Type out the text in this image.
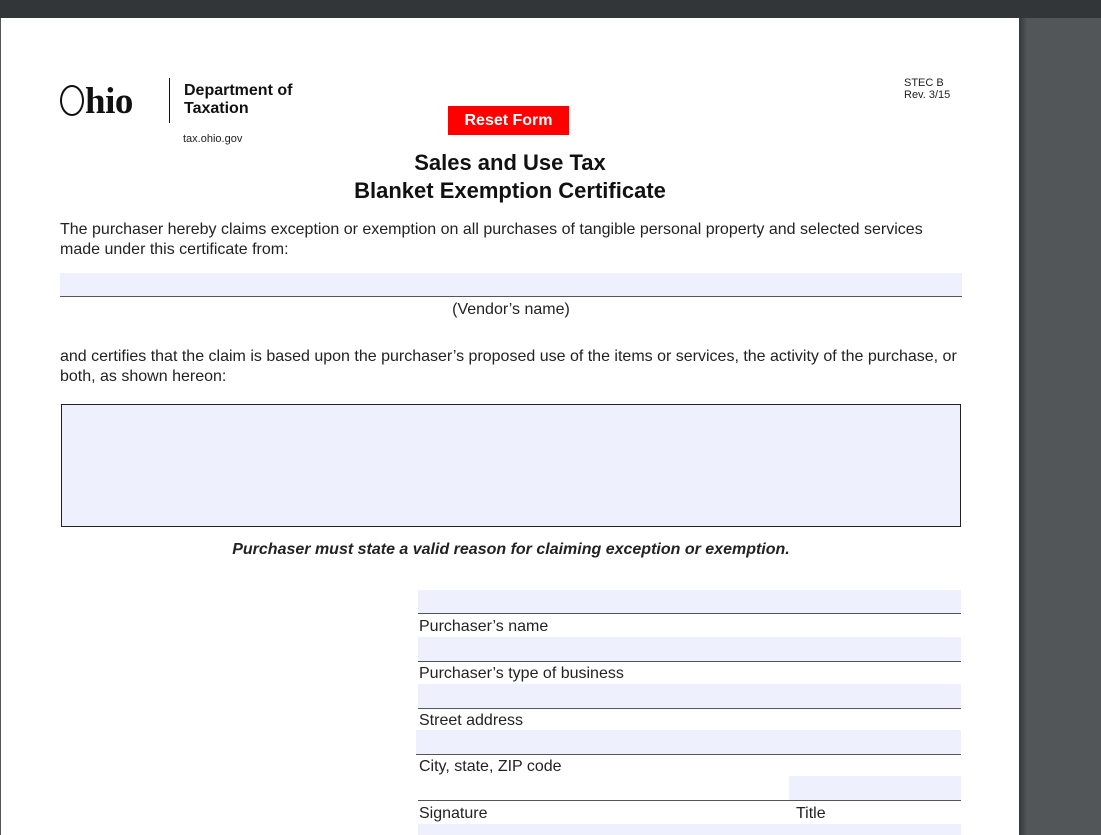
hio	Department of
Taxation
tax.ohio.gov
STEC B
Rev. 3/15
Reset Form
Sales and Use Tax
Blanket Exemption Certificate
The purchaser hereby claims exception or exemption on all purchases of tangible personal property and selected services made under this certificate from:
(Vendor’s name)
and certifies that the claim is based upon the purchaser’s proposed use of the items or services, the activity of the purchase, or both, as shown hereon:
Purchaser must state a valid reason for claiming exception or exemption.
Purchaser’s name
Purchaser’s type of business
Street address
City, state, ZIP code
Signature	Title
